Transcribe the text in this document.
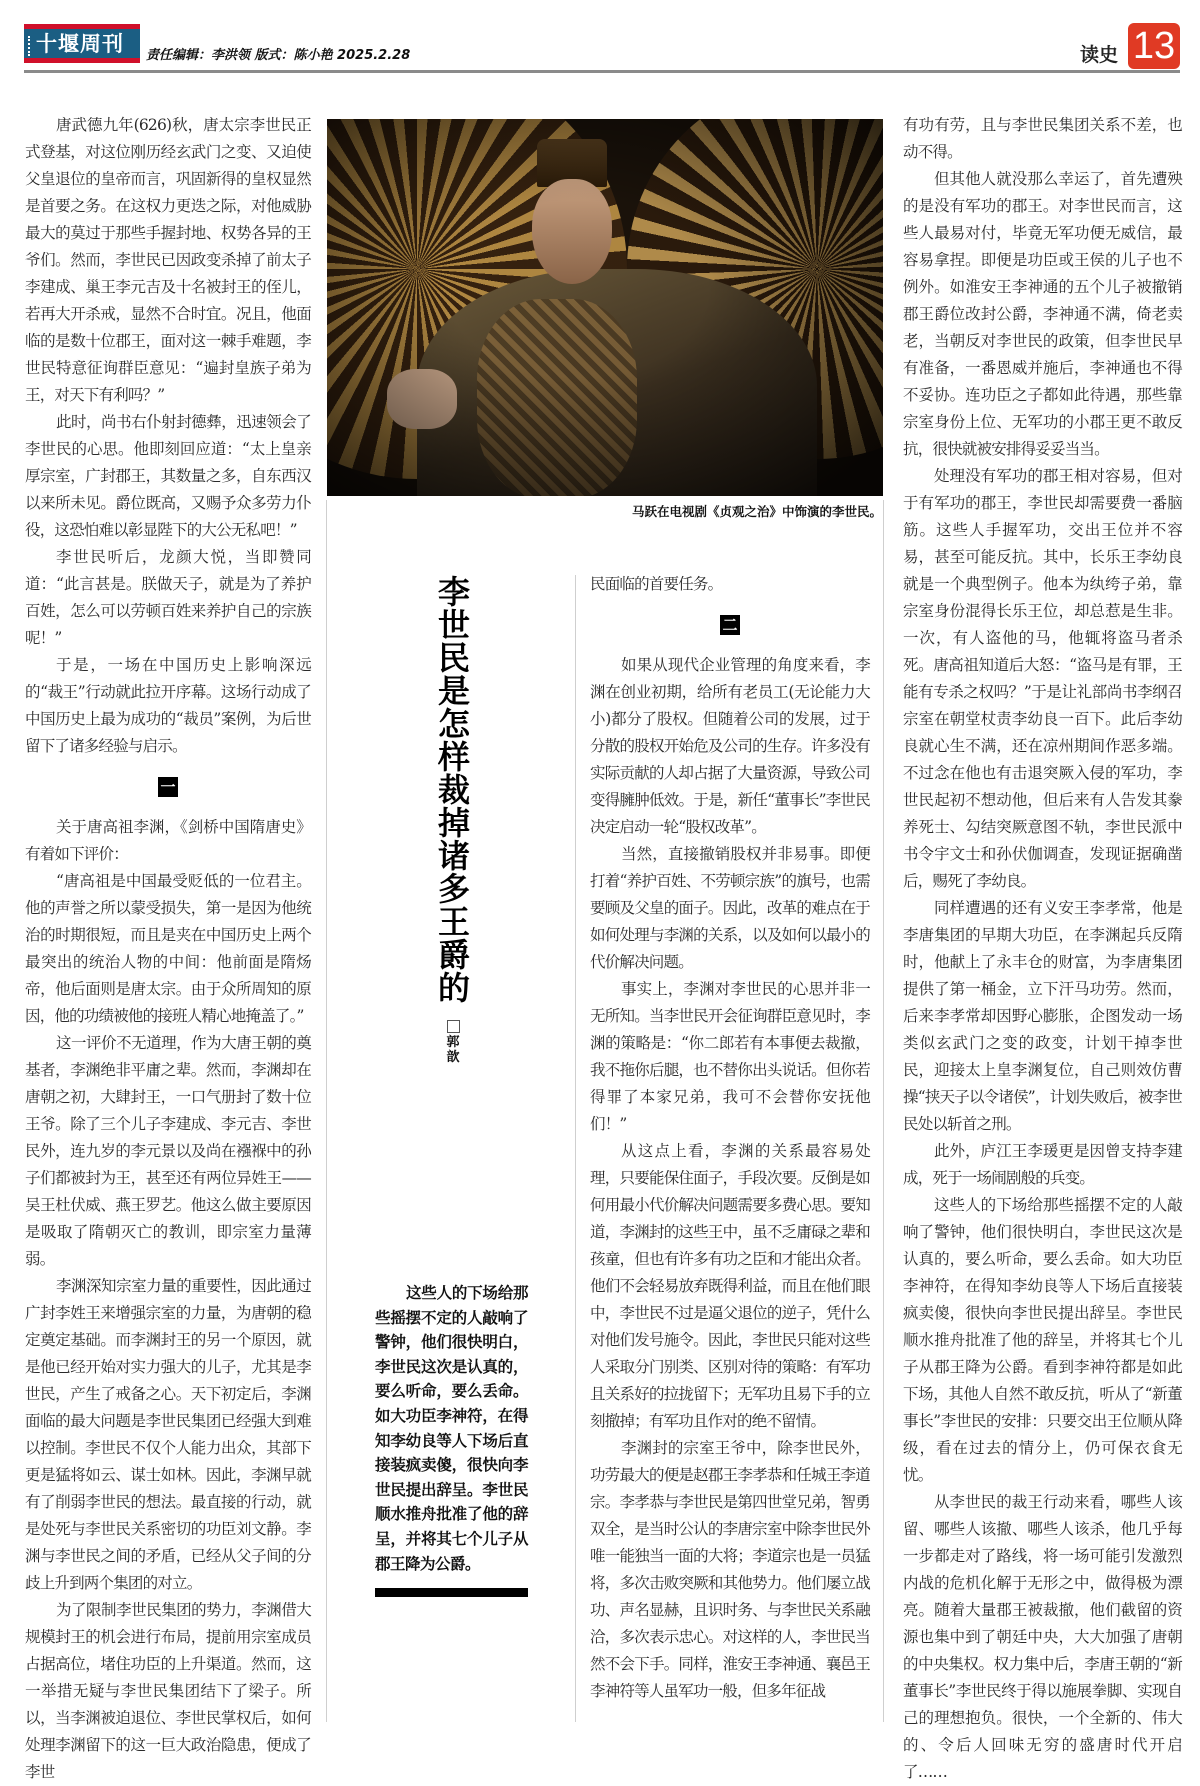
十堰周刊 责任编辑：李洪领 版式：陈小艳 2025.2.28	读史 13
马跃在电视剧《贞观之治》中饰演的李世民。
李世民是怎样裁掉诸多王爵的
郭歆

这些人的下场给那些摇摆不定的人敲响了警钟，他们很快明白，李世民这次是认真的，要么听命，要么丢命。如大功臣李神符，在得知李幼良等人下场后直接装疯卖傻，很快向李世民提出辞呈。李世民顺水推舟批准了他的辞呈，并将其七个儿子从郡王降为公爵。

唐武德九年(626)秋，唐太宗李世民正式登基，对这位刚历经玄武门之变、又迫使父皇退位的皇帝而言，巩固新得的皇权显然是首要之务。在这权力更迭之际，对他威胁最大的莫过于那些手握封地、权势各异的王爷们。然而，李世民已因政变杀掉了前太子李建成、巢王李元吉及十名被封王的侄儿，若再大开杀戒，显然不合时宜。况且，他面临的是数十位郡王，面对这一棘手难题，李世民特意征询群臣意见：“遍封皇族子弟为王，对天下有利吗？”

此时，尚书右仆射封德彝，迅速领会了李世民的心思。他即刻回应道：“太上皇亲厚宗室，广封郡王，其数量之多，自东西汉以来所未见。爵位既高，又赐予众多劳力仆役，这恐怕难以彰显陛下的大公无私吧！”

李世民听后，龙颜大悦，当即赞同道：“此言甚是。朕做天子，就是为了养护百姓，怎么可以劳顿百姓来养护自己的宗族呢！”

于是，一场在中国历史上影响深远的“裁王”行动就此拉开序幕。这场行动成了中国历史上最为成功的“裁员”案例，为后世留下了诸多经验与启示。

一

关于唐高祖李渊，《剑桥中国隋唐史》有着如下评价：

“唐高祖是中国最受贬低的一位君主。他的声誉之所以蒙受损失，第一是因为他统治的时期很短，而且是夹在中国历史上两个最突出的统治人物的中间：他前面是隋炀帝，他后面则是唐太宗。由于众所周知的原因，他的功绩被他的接班人精心地掩盖了。”

这一评价不无道理，作为大唐王朝的奠基者，李渊绝非平庸之辈。然而，李渊却在唐朝之初，大肆封王，一口气册封了数十位王爷。除了三个儿子李建成、李元吉、李世民外，连九岁的李元景以及尚在襁褓中的孙子们都被封为王，甚至还有两位异姓王——吴王杜伏威、燕王罗艺。他这么做主要原因是吸取了隋朝灭亡的教训，即宗室力量薄弱。

李渊深知宗室力量的重要性，因此通过广封李姓王来增强宗室的力量，为唐朝的稳定奠定基础。而李渊封王的另一个原因，就是他已经开始对实力强大的儿子，尤其是李世民，产生了戒备之心。天下初定后，李渊面临的最大问题是李世民集团已经强大到难以控制。李世民不仅个人能力出众，其部下更是猛将如云、谋士如林。因此，李渊早就有了削弱李世民的想法。最直接的行动，就是处死与李世民关系密切的功臣刘文静。李渊与李世民之间的矛盾，已经从父子间的分歧上升到两个集团的对立。

为了限制李世民集团的势力，李渊借大规模封王的机会进行布局，提前用宗室成员占据高位，堵住功臣的上升渠道。然而，这一举措无疑与李世民集团结下了梁子。所以，当李渊被迫退位、李世民掌权后，如何处理李渊留下的这一巨大政治隐患，便成了李世

民面临的首要任务。

二

如果从现代企业管理的角度来看，李渊在创业初期，给所有老员工(无论能力大小)都分了股权。但随着公司的发展，过于分散的股权开始危及公司的生存。许多没有实际贡献的人却占据了大量资源，导致公司变得臃肿低效。于是，新任“董事长”李世民决定启动一轮“股权改革”。

当然，直接撤销股权并非易事。即便打着“养护百姓、不劳顿宗族”的旗号，也需要顾及父皇的面子。因此，改革的难点在于如何处理与李渊的关系，以及如何以最小的代价解决问题。

事实上，李渊对李世民的心思并非一无所知。当李世民开会征询群臣意见时，李渊的策略是：“你二郎若有本事便去裁撤，我不拖你后腿，也不替你出头说话。但你若得罪了本家兄弟，我可不会替你安抚他们！”

从这点上看，李渊的关系最容易处理，只要能保住面子，手段次要。反倒是如何用最小代价解决问题需要多费心思。要知道，李渊封的这些王中，虽不乏庸碌之辈和孩童，但也有许多有功之臣和才能出众者。他们不会轻易放弃既得利益，而且在他们眼中，李世民不过是逼父退位的逆子，凭什么对他们发号施令。因此，李世民只能对这些人采取分门别类、区别对待的策略：有军功且关系好的拉拢留下；无军功且易下手的立刻撤掉；有军功且作对的绝不留情。

李渊封的宗室王爷中，除李世民外，功劳最大的便是赵郡王李孝恭和任城王李道宗。李孝恭与李世民是第四世堂兄弟，智勇双全，是当时公认的李唐宗室中除李世民外唯一能独当一面的大将；李道宗也是一员猛将，多次击败突厥和其他势力。他们屡立战功、声名显赫，且识时务、与李世民关系融洽，多次表示忠心。对这样的人，李世民当然不会下手。同样，淮安王李神通、襄邑王李神符等人虽军功一般，但多年征战

有功有劳，且与李世民集团关系不差，也动不得。

但其他人就没那么幸运了，首先遭殃的是没有军功的郡王。对李世民而言，这些人最易对付，毕竟无军功便无威信，最容易拿捏。即便是功臣或王侯的儿子也不例外。如淮安王李神通的五个儿子被撤销郡王爵位改封公爵，李神通不满，倚老卖老，当朝反对李世民的政策，但李世民早有准备，一番恩威并施后，李神通也不得不妥协。连功臣之子都如此待遇，那些靠宗室身份上位、无军功的小郡王更不敢反抗，很快就被安排得妥妥当当。

处理没有军功的郡王相对容易，但对于有军功的郡王，李世民却需要费一番脑筋。这些人手握军功，交出王位并不容易，甚至可能反抗。其中，长乐王李幼良就是一个典型例子。他本为纨绔子弟，靠宗室身份混得长乐王位，却总惹是生非。一次，有人盗他的马，他辄将盗马者杀死。唐高祖知道后大怒：“盗马是有罪，王能有专杀之权吗？”于是让礼部尚书李纲召宗室在朝堂杖责李幼良一百下。此后李幼良就心生不满，还在凉州期间作恶多端。不过念在他也有击退突厥入侵的军功，李世民起初不想动他，但后来有人告发其豢养死士、勾结突厥意图不轨，李世民派中书令宇文士和孙伏伽调查，发现证据确凿后，赐死了李幼良。

同样遭遇的还有义安王李孝常，他是李唐集团的早期大功臣，在李渊起兵反隋时，他献上了永丰仓的财富，为李唐集团提供了第一桶金，立下汗马功劳。然而，后来李孝常却因野心膨胀，企图发动一场类似玄武门之变的政变，计划干掉李世民，迎接太上皇李渊复位，自己则效仿曹操“挟天子以令诸侯”，计划失败后，被李世民处以斩首之刑。

此外，庐江王李瑗更是因曾支持李建成，死于一场闹剧般的兵变。

这些人的下场给那些摇摆不定的人敲响了警钟，他们很快明白，李世民这次是认真的，要么听命，要么丢命。如大功臣李神符，在得知李幼良等人下场后直接装疯卖傻，很快向李世民提出辞呈。李世民顺水推舟批准了他的辞呈，并将其七个儿子从郡王降为公爵。看到李神符都是如此下场，其他人自然不敢反抗，听从了“新董事长”李世民的安排：只要交出王位顺从降级，看在过去的情分上，仍可保衣食无忧。

从李世民的裁王行动来看，哪些人该留、哪些人该撤、哪些人该杀，他几乎每一步都走对了路线，将一场可能引发激烈内战的危机化解于无形之中，做得极为漂亮。随着大量郡王被裁撤，他们截留的资源也集中到了朝廷中央，大大加强了唐朝的中央集权。权力集中后，李唐王朝的“新董事长”李世民终于得以施展拳脚、实现自己的理想抱负。很快，一个全新的、伟大的、令后人回味无穷的盛唐时代开启了……
